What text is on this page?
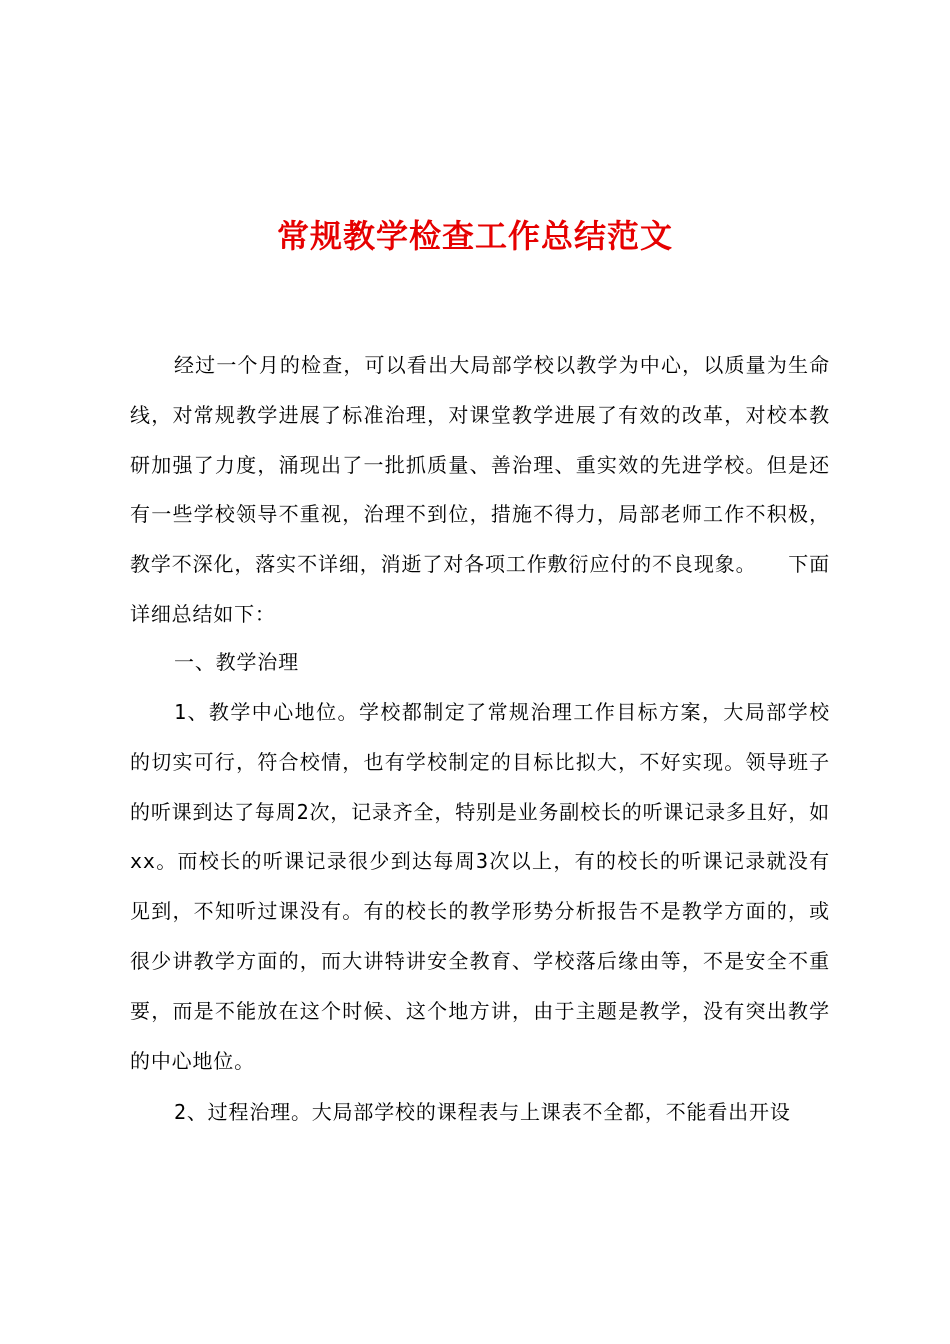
常规教学检查工作总结范文

经过一个月的检查，可以看出大局部学校以教学为中心，以质量为生命线，对常规教学进展了标准治理，对课堂教学进展了有效的改革，对校本教研加强了力度，涌现出了一批抓质量、善治理、重实效的先进学校。但是还有一些学校领导不重视，治理不到位，措施不得力，局部老师工作不积极，教学不深化，落实不详细，消逝了对各项工作敷衍应付的不良现象。　　下面详细总结如下：

一、教学治理

1、教学中心地位。学校都制定了常规治理工作目标方案，大局部学校的切实可行，符合校情，也有学校制定的目标比拟大，不好实现。领导班子的听课到达了每周2次，记录齐全，特别是业务副校长的听课记录多且好，如xx。而校长的听课记录很少到达每周3次以上，有的校长的听课记录就没有见到，不知听过课没有。有的校长的教学形势分析报告不是教学方面的，或很少讲教学方面的，而大讲特讲安全教育、学校落后缘由等，不是安全不重要，而是不能放在这个时候、这个地方讲，由于主题是教学，没有突出教学的中心地位。

2、过程治理。大局部学校的课程表与上课表不全都，不能看出开设
